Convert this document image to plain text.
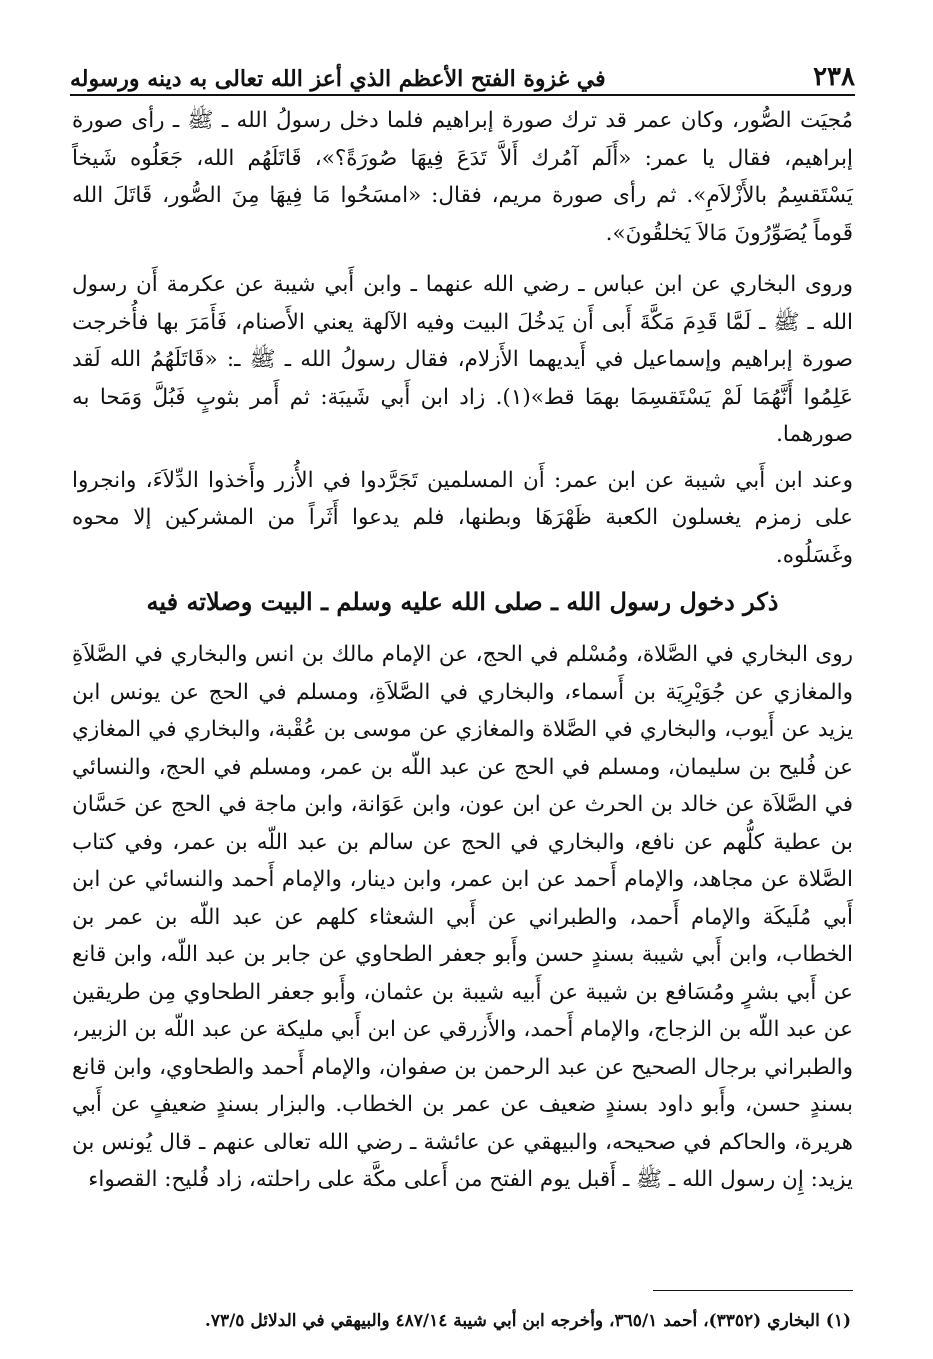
٢٣٨
في غزوة الفتح الأعظم الذي أعز الله تعالى به دينه ورسوله

مُجيَت الصُّور، وكان عمر قد ترك صورة إبراهيم فلما دخل رسولُ الله ـ ﷺ ـ رأى صورة إبراهيم، فقال يا عمر: «أَلَم آمُرك أَلاَّ تَدَعَ فِيهَا صُورَةً؟»، قَاتَلَهُم الله، جَعَلُوه شَيخاً يَسْتَقسِمُ بالأَزْلاَمِ». ثم رأى صورة مريم، فقال: «امسَحُوا مَا فِيهَا مِنَ الصُّور، قَاتَلَ الله قَوماً يُصَوِّرُونَ مَالاَ يَخلقُونَ».

وروى البخاري عن ابن عباس ـ رضي الله عنهما ـ وابن أَبي شيبة عن عكرمة أَن رسول الله ـ ﷺ ـ لَمَّا قَدِمَ مَكَّةَ أَبى أَن يَدخُلَ البيت وفيه الآلهة يعني الأَصنام، فَأَمَرَ بها فأُخرجت صورة إبراهيم وإسماعيل في أَيديهما الأَزلام، فقال رسولُ الله ـ ﷺ ـ: «قَاتَلَهُمُ الله لَقد عَلِمُوا أَنَّهُمَا لَمْ يَسْتَقسِمَا بهمَا قط»(١). زاد ابن أَبي شَيبَة: ثم أَمر بثوبٍ فَبُلَّ وَمَحا به صورهما.

وعند ابن أَبي شيبة عن ابن عمر: أَن المسلمين تَجَرَّدوا في الأُزر وأَخذوا الدِّلاَءَ، وانجروا على زمزم يغسلون الكعبة ظَهْرَهَا وبطنها، فلم يدعوا أَثَراً من المشركين إلا محوه وغَسَلُوه.

ذكر دخول رسول الله ـ صلى الله عليه وسلم ـ البيت وصلاته فيه

روى البخاري في الصَّلاة، ومُسْلم في الحج، عن الإمام مالك بن انس والبخاري في الصَّلاَةِ والمغازي عن جُوَيْرِيَة بن أَسماء، والبخاري في الصَّلاَةِ، ومسلم في الحج عن يونس ابن يزيد عن أَيوب، والبخاري في الصَّلاة والمغازي عن موسى بن عُقْبة، والبخاري في المغازي عن فُليح بن سليمان، ومسلم في الحج عن عبد اللّه بن عمر، ومسلم في الحج، والنسائي في الصَّلاَة عن خالد بن الحرث عن ابن عون، وابن عَوَانة، وابن ماجة في الحج عن حَسَّان بن عطية كلُّهم عن نافع، والبخاري في الحج عن سالم بن عبد اللّه بن عمر، وفي كتاب الصَّلاة عن مجاهد، والإمام أَحمد عن ابن عمر، وابن دينار، والإمام أَحمد والنسائي عن ابن أَبي مُلَيكَة والإمام أَحمد، والطبراني عن أَبي الشعثاء كلهم عن عبد اللّه بن عمر بن الخطاب، وابن أَبي شيبة بسندٍ حسن وأَبو جعفر الطحاوي عن جابر بن عبد اللّه، وابن قانع عن أَبي بشرٍ ومُسَافع بن شيبة عن أَبيه شيبة بن عثمان، وأَبو جعفر الطحاوي مِن طريقين عن عبد اللّه بن الزجاج، والإمام أَحمد، والأَزرقي عن ابن أَبي مليكة عن عبد اللّه بن الزبير، والطبراني برجال الصحيح عن عبد الرحمن بن صفوان، والإمام أَحمد والطحاوي، وابن قانع بسندٍ حسن، وأَبو داود بسندٍ ضعيف عن عمر بن الخطاب. والبزار بسندٍ ضعيفٍ عن أَبي هريرة، والحاكم في صحيحه، والبيهقي عن عائشة ـ رضي الله تعالى عنهم ـ قال يُونس بن يزيد: إِن رسول الله ـ ﷺ ـ أَقبل يوم الفتح من أَعلى مكَّة على راحلته، زاد فُليح: القصواء

(١) البخاري (٣٣٥٢)، أحمد ٣٦٥/١، وأخرجه ابن أبي شيبة ٤٨٧/١٤ والبيهقي في الدلائل ٧٣/٥.
